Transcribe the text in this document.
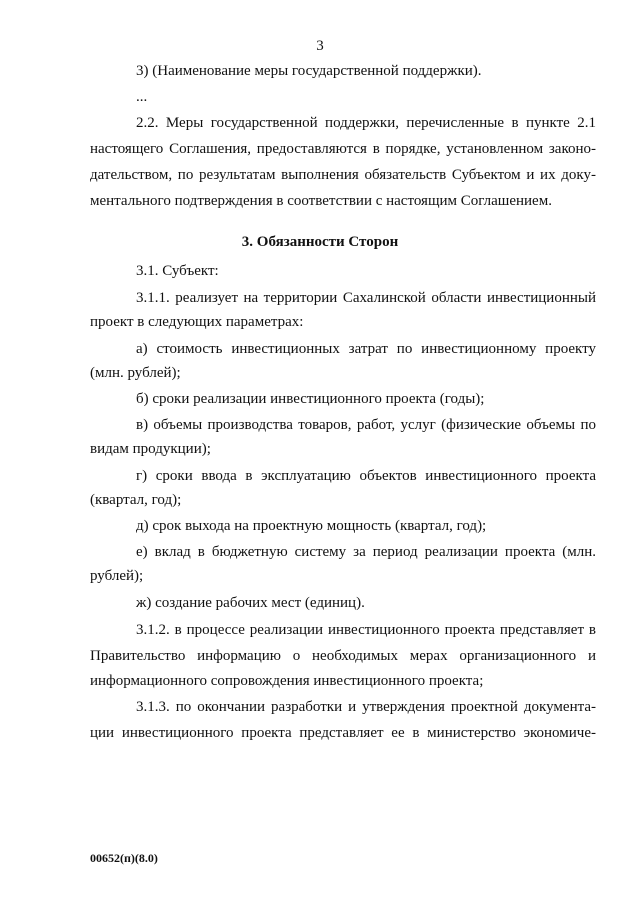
3
3) (Наименование меры государственной поддержки).
...
2.2. Меры государственной поддержки, перечисленные в пункте 2.1
настоящего Соглашения, предоставляются в порядке, установленном законо-
дательством, по результатам выполнения обязательств Субъектом и их доку-
ментального подтверждения в соответствии с настоящим Соглашением.
3. Обязанности Сторон
3.1. Субъект:
3.1.1. реализует на территории Сахалинской области инвестиционный
проект в следующих параметрах:
а) стоимость инвестиционных затрат по инвестиционному проекту
(млн. рублей);
б) сроки реализации инвестиционного проекта (годы);
в) объемы производства товаров, работ, услуг (физические объемы по
видам продукции);
г) сроки ввода в эксплуатацию объектов инвестиционного проекта
(квартал, год);
д) срок выхода на проектную мощность (квартал, год);
е) вклад в бюджетную систему за период реализации проекта (млн.
рублей);
ж) создание рабочих мест (единиц).
3.1.2. в процессе реализации инвестиционного проекта представляет в
Правительство информацию о необходимых мерах организационного и
информационного сопровождения инвестиционного проекта;
3.1.3. по окончании разработки и утверждения проектной документа-
ции инвестиционного проекта представляет ее в министерство экономиче-
00652(п)(8.0)
